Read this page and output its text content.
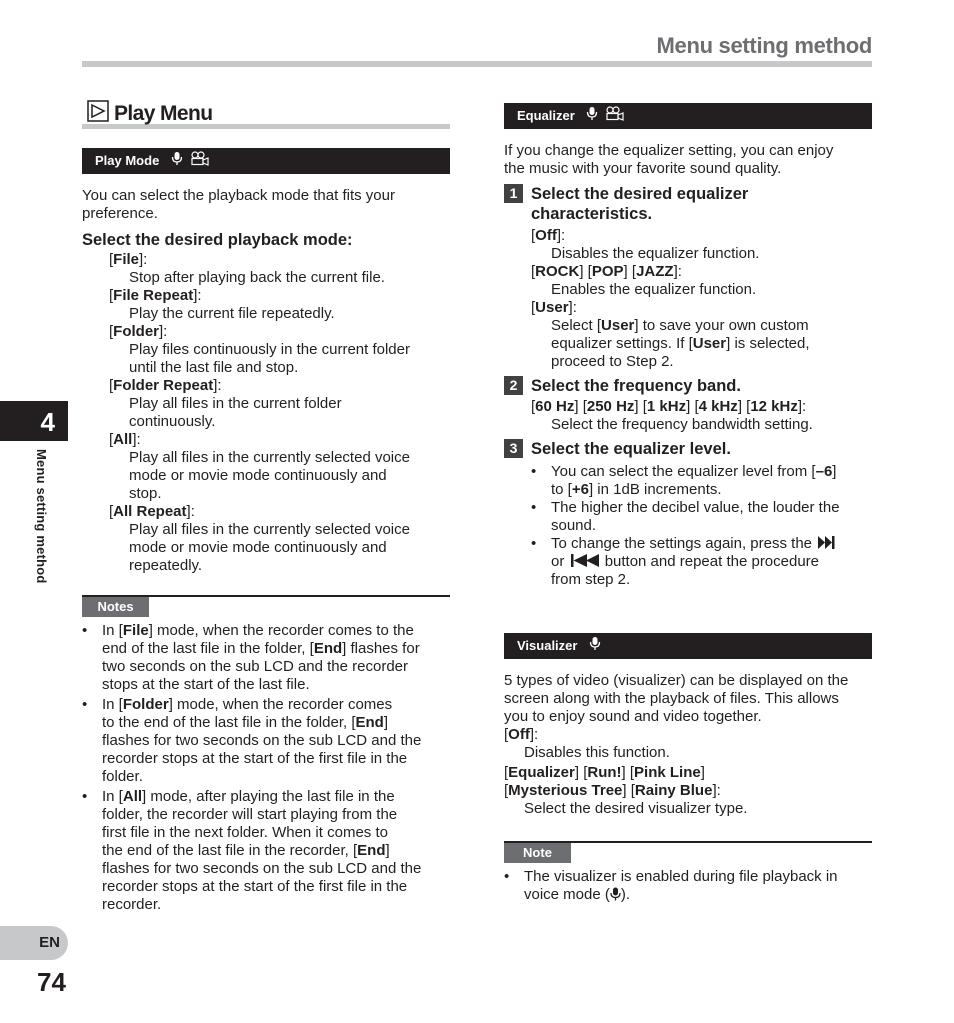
Menu setting method
4
Menu setting method
EN
74
Play Menu
Play Mode
You can select the playback mode that fits your
preference.
Select the desired playback mode:
[File]:
Stop after playing back the current file.
[File Repeat]:
Play the current file repeatedly.
[Folder]:
Play files continuously in the current folder
until the last file and stop.
[Folder Repeat]:
Play all files in the current folder
continuously.
[All]:
Play all files in the currently selected voice
mode or movie mode continuously and
stop.
[All Repeat]:
Play all files in the currently selected voice
mode or movie mode continuously and
repeatedly.
Notes
• In [File] mode, when the recorder comes to the
end of the last file in the folder, [End] flashes for
two seconds on the sub LCD and the recorder
stops at the start of the last file.
• In [Folder] mode, when the recorder comes
to the end of the last file in the folder, [End]
flashes for two seconds on the sub LCD and the
recorder stops at the start of the first file in the
folder.
• In [All] mode, after playing the last file in the
folder, the recorder will start playing from the
first file in the next folder. When it comes to
the end of the last file in the recorder, [End]
flashes for two seconds on the sub LCD and the
recorder stops at the start of the first file in the
recorder.
Equalizer
If you change the equalizer setting, you can enjoy
the music with your favorite sound quality.
1 Select the desired equalizer
characteristics.
[Off]:
Disables the equalizer function.
[ROCK] [POP] [JAZZ]:
Enables the equalizer function.
[User]:
Select [User] to save your own custom
equalizer settings. If [User] is selected,
proceed to Step 2.
2 Select the frequency band.
[60 Hz] [250 Hz] [1 kHz] [4 kHz] [12 kHz]:
Select the frequency bandwidth setting.
3 Select the equalizer level.
• You can select the equalizer level from [–6]
to [+6] in 1dB increments.
• The higher the decibel value, the louder the
sound.
• To change the settings again, press the
or	button and repeat the procedure
from step 2.
Visualizer
5 types of video (visualizer) can be displayed on the
screen along with the playback of files. This allows
you to enjoy sound and video together.
[Off]:
Disables this function.
[Equalizer] [Run!] [Pink Line]
[Mysterious Tree] [Rainy Blue]:
Select the desired visualizer type.
Note
• The visualizer is enabled during file playback in
voice mode ( ).
